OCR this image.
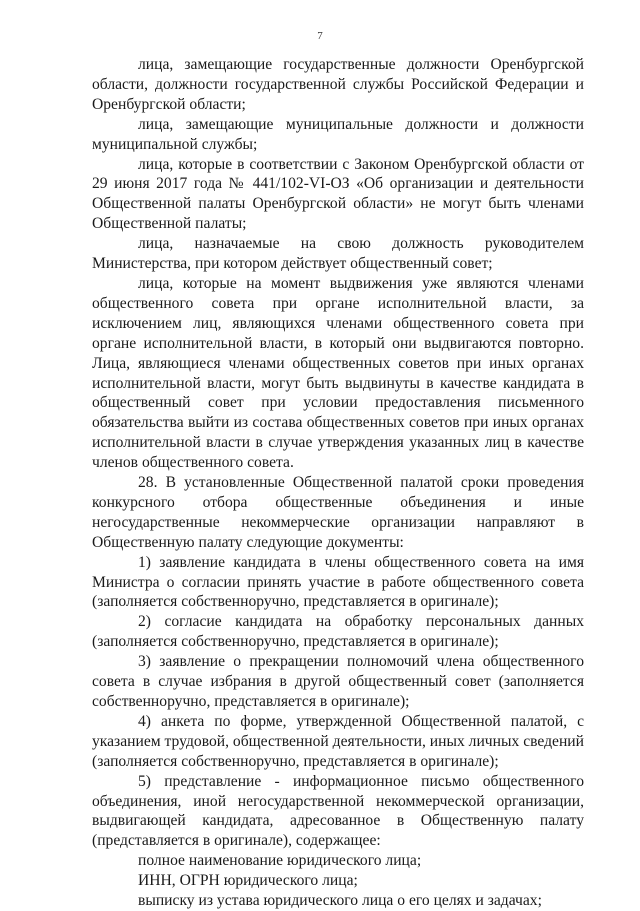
7

лица, замещающие государственные должности Оренбургской области, должности государственной службы Российской Федерации и Оренбургской области;

лица, замещающие муниципальные должности и должности муниципальной службы;

лица, которые в соответствии с Законом Оренбургской области от 29 июня 2017 года № 441/102-VI-ОЗ «Об организации и деятельности Общественной палаты Оренбургской области» не могут быть членами Общественной палаты;

лица, назначаемые на свою должность руководителем Министерства, при котором действует общественный совет;

лица, которые на момент выдвижения уже являются членами общественного совета при органе исполнительной власти, за исключением лиц, являющихся членами общественного совета при органе исполнительной власти, в который они выдвигаются повторно. Лица, являющиеся членами общественных советов при иных органах исполнительной власти, могут быть выдвинуты в качестве кандидата в общественный совет при условии предоставления письменного обязательства выйти из состава общественных советов при иных органах исполнительной власти в случае утверждения указанных лиц в качестве членов общественного совета.

28. В установленные Общественной палатой сроки проведения конкурсного отбора общественные объединения и иные негосударственные некоммерческие организации направляют в Общественную палату следующие документы:

1) заявление кандидата в члены общественного совета на имя Министра о согласии принять участие в работе общественного совета (заполняется собственноручно, представляется в оригинале);

2) согласие кандидата на обработку персональных данных (заполняется собственноручно, представляется в оригинале);

3) заявление о прекращении полномочий члена общественного совета в случае избрания в другой общественный совет (заполняется собственноручно, представляется в оригинале);

4) анкета по форме, утвержденной Общественной палатой, с указанием трудовой, общественной деятельности, иных личных сведений (заполняется собственноручно, представляется в оригинале);

5) представление - информационное письмо общественного объединения, иной негосударственной некоммерческой организации, выдвигающей кандидата, адресованное в Общественную палату (представляется в оригинале), содержащее:

полное наименование юридического лица;

ИНН, ОГРН юридического лица;

выписку из устава юридического лица о его целях и задачах;
